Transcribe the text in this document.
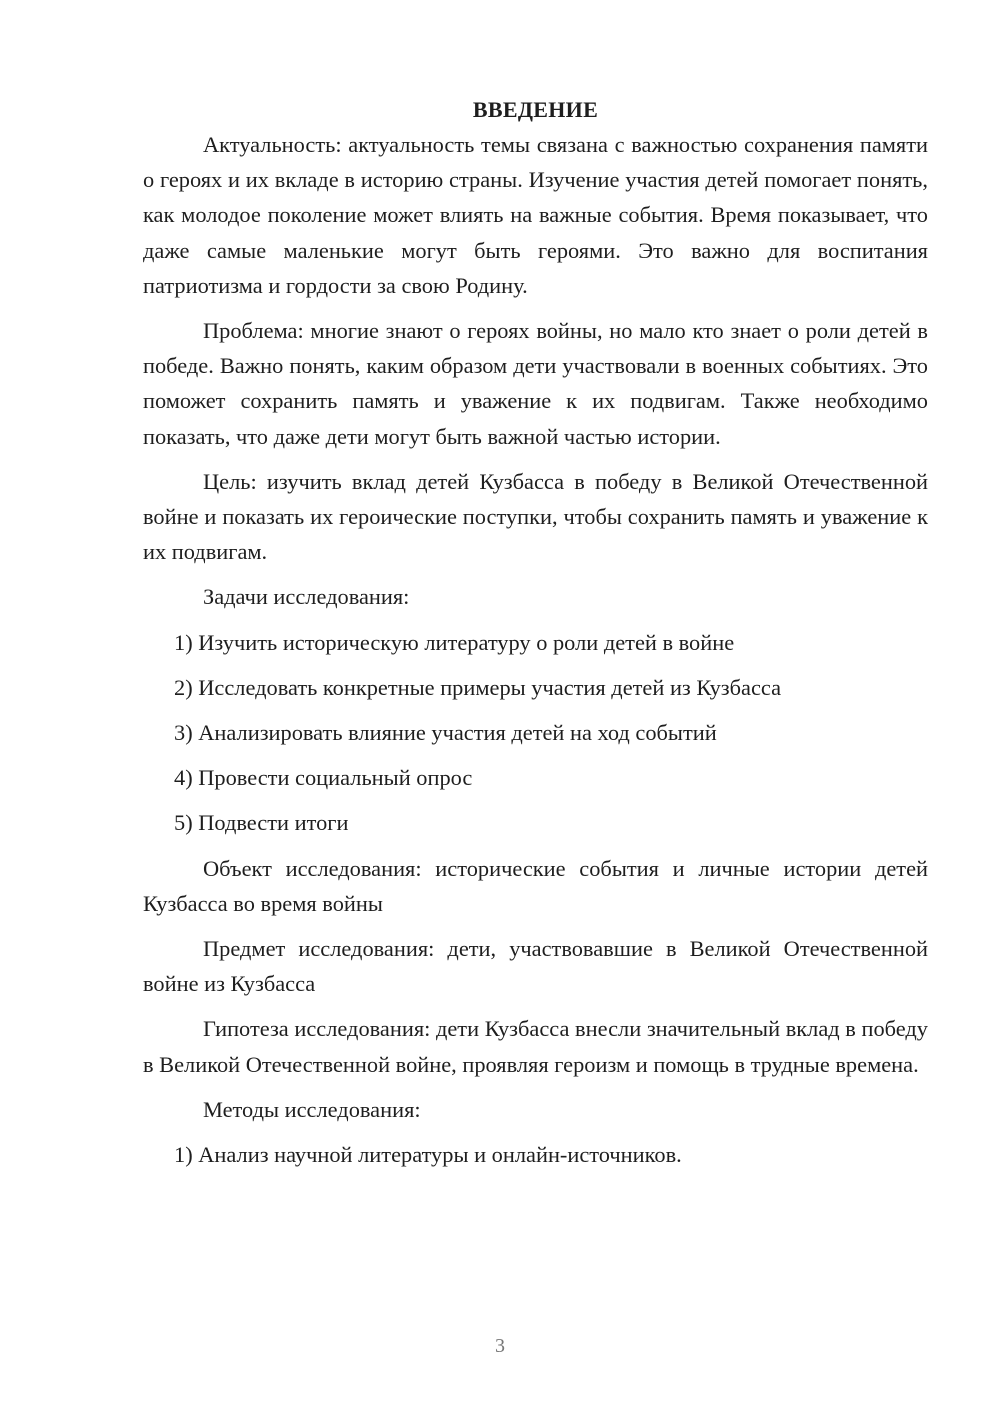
ВВЕДЕНИЕ

Актуальность: актуальность темы связана с важностью сохранения памяти о героях и их вкладе в историю страны. Изучение участия детей помогает понять, как молодое поколение может влиять на важные события. Время показывает, что даже самые маленькие могут быть героями. Это важно для воспитания патриотизма и гордости за свою Родину.

Проблема: многие знают о героях войны, но мало кто знает о роли детей в победе. Важно понять, каким образом дети участвовали в военных событиях. Это поможет сохранить память и уважение к их подвигам. Также необходимо показать, что даже дети могут быть важной частью истории.

Цель: изучить вклад детей Кузбасса в победу в Великой Отечественной войне и показать их героические поступки, чтобы сохранить память и уважение к их подвигам.

Задачи исследования:

1) Изучить историческую литературу о роли детей в войне

2) Исследовать конкретные примеры участия детей из Кузбасса

3) Анализировать влияние участия детей на ход событий

4) Провести социальный опрос

5) Подвести итоги

Объект исследования: исторические события и личные истории детей Кузбасса во время войны

Предмет исследования: дети, участвовавшие в Великой Отечественной войне из Кузбасса

Гипотеза исследования: дети Кузбасса внесли значительный вклад в победу в Великой Отечественной войне, проявляя героизм и помощь в трудные времена.

Методы исследования:

1) Анализ научной литературы и онлайн-источников.

3
